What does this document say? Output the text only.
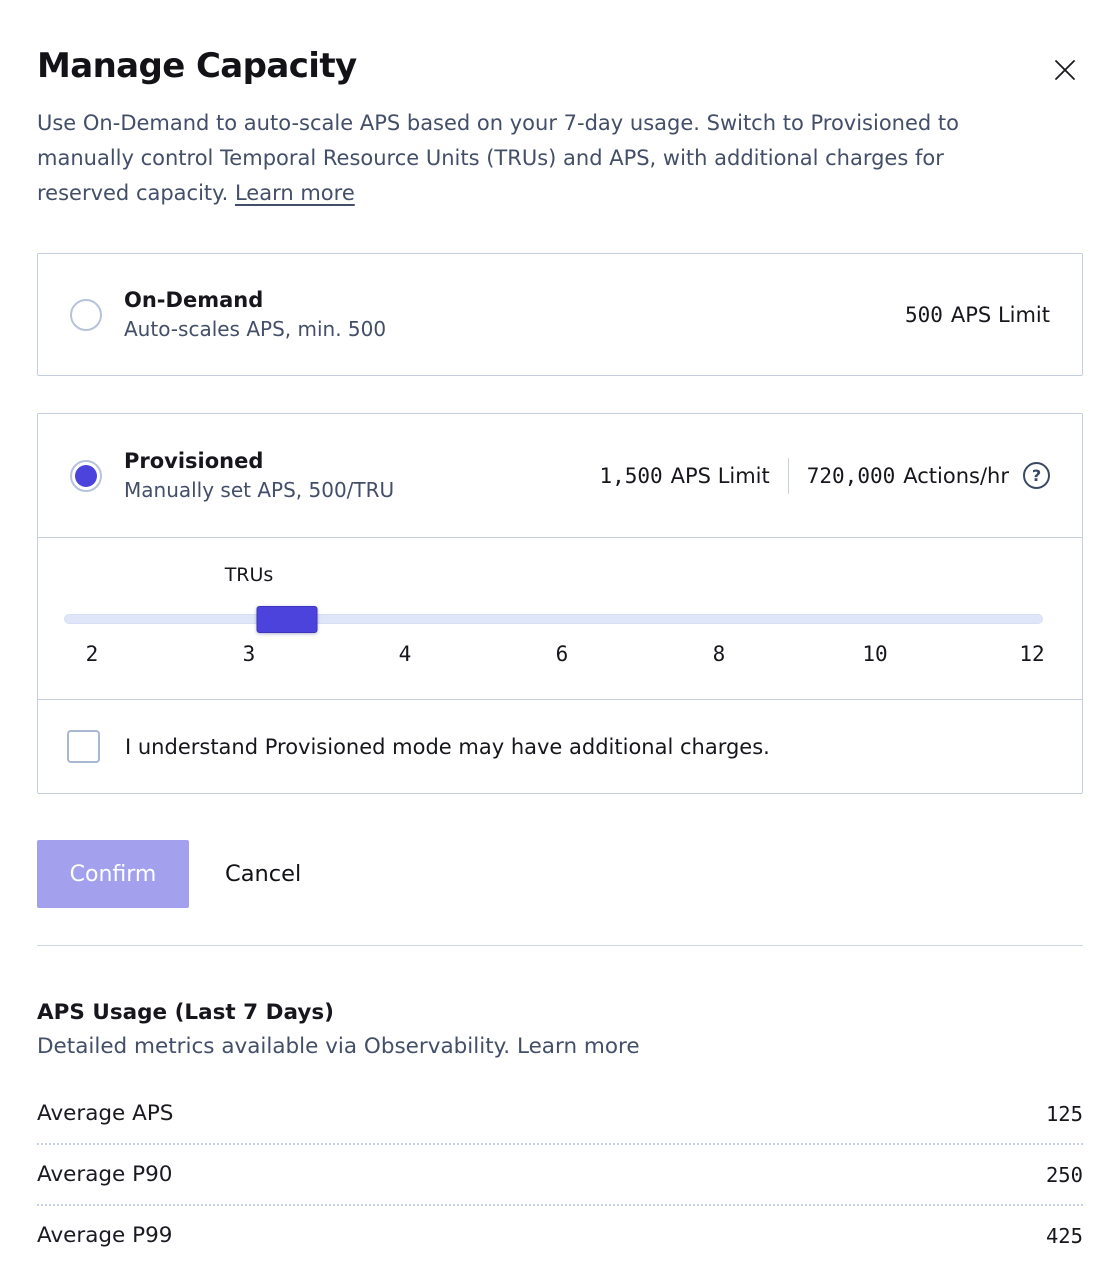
Manage Capacity
Use On-Demand to auto-scale APS based on your 7-day usage. Switch to Provisioned to
manually control Temporal Resource Units (TRUs) and APS, with additional charges for
reserved capacity. Learn more
On-Demand
Auto-scales APS, min. 500
500 APS Limit
Provisioned
Manually set APS, 500/TRU
1,500 APS Limit 720,000 Actions/hr	?
TRUs
2	3	4	6	8	10	12
I understand Provisioned mode may have additional charges.
Confirm	Cancel
APS Usage (Last 7 Days)
Detailed metrics available via Observability. Learn more
Average APS	125
Average P90	250
Average P99	425
